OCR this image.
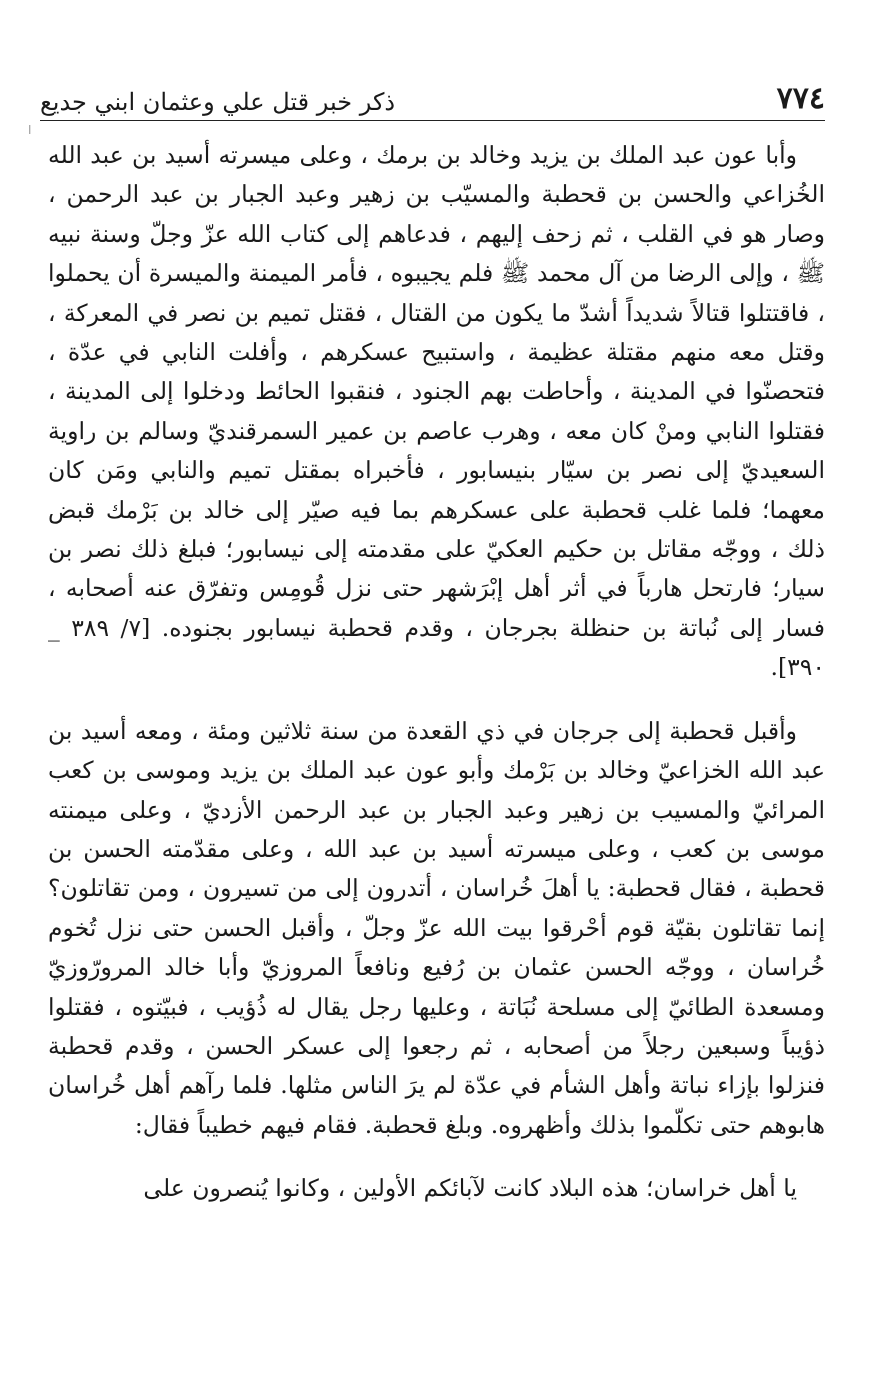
٧٧٤
ذكر خبر قتل علي وعثمان ابني جديع
ǀ

وأبا عون عبد الملك بن يزيد وخالد بن برمك ، وعلى ميسرته أسيد بن عبد الله الخُزاعي والحسن بن قحطبة والمسيّب بن زهير وعبد الجبار بن عبد الرحمن ، وصار هو في القلب ، ثم زحف إليهم ، فدعاهم إلى كتاب الله عزّ وجلّ وسنة نبيه ﷺ ، وإلى الرضا من آل محمد ﷺ فلم يجيبوه ، فأمر الميمنة والميسرة أن يحملوا ، فاقتتلوا قتالاً شديداً أشدّ ما يكون من القتال ، فقتل تميم بن نصر في المعركة ، وقتل معه منهم مقتلة عظيمة ، واستبيح عسكرهم ، وأفلت النابي في عدّة ، فتحصنّوا في المدينة ، وأحاطت بهم الجنود ، فنقبوا الحائط ودخلوا إلى المدينة ، فقتلوا النابي ومنْ كان معه ، وهرب عاصم بن عمير السمرقنديّ وسالم بن راوية السعيديّ إلى نصر بن سيّار بنيسابور ، فأخبراه بمقتل تميم والنابي ومَن كان معهما؛ فلما غلب قحطبة على عسكرهم بما فيه صيّر إلى خالد بن بَرْمك قبض ذلك ، ووجّه مقاتل بن حكيم العكيّ على مقدمته إلى نيسابور؛ فبلغ ذلك نصر بن سيار؛ فارتحل هارباً في أثر أهل إبْرَشهر حتى نزل قُومِس وتفرّق عنه أصحابه ، فسار إلى نُباتة بن حنظلة بجرجان ، وقدم قحطبة نيسابور بجنوده. [٧/ ٣٨٩ _ ٣٩٠].

وأقبل قحطبة إلى جرجان في ذي القعدة من سنة ثلاثين ومئة ، ومعه أسيد بن عبد الله الخزاعيّ وخالد بن بَرْمك وأبو عون عبد الملك بن يزيد وموسى بن كعب المرائيّ والمسيب بن زهير وعبد الجبار بن عبد الرحمن الأزديّ ، وعلى ميمنته موسى بن كعب ، وعلى ميسرته أسيد بن عبد الله ، وعلى مقدّمته الحسن بن قحطبة ، فقال قحطبة: يا أهلَ خُراسان ، أتدرون إلى من تسيرون ، ومن تقاتلون؟ إنما تقاتلون بقيّة قوم أحْرقوا بيت الله عزّ وجلّ ، وأقبل الحسن حتى نزل تُخوم خُراسان ، ووجّه الحسن عثمان بن رُفيع ونافعاً المروزيّ وأبا خالد المرورّوزيّ ومسعدة الطائيّ إلى مسلحة نُبَاتة ، وعليها رجل يقال له ذُؤيب ، فبيّتوه ، فقتلوا ذؤيباً وسبعين رجلاً من أصحابه ، ثم رجعوا إلى عسكر الحسن ، وقدم قحطبة فنزلوا بإزاء نباتة وأهل الشأم في عدّة لم يرَ الناس مثلها. فلما رآهم أهل خُراسان هابوهم حتى تكلّموا بذلك وأظهروه. وبلغ قحطبة. فقام فيهم خطيباً فقال:

يا أهل خراسان؛ هذه البلاد كانت لآبائكم الأولين ، وكانوا يُنصرون على
